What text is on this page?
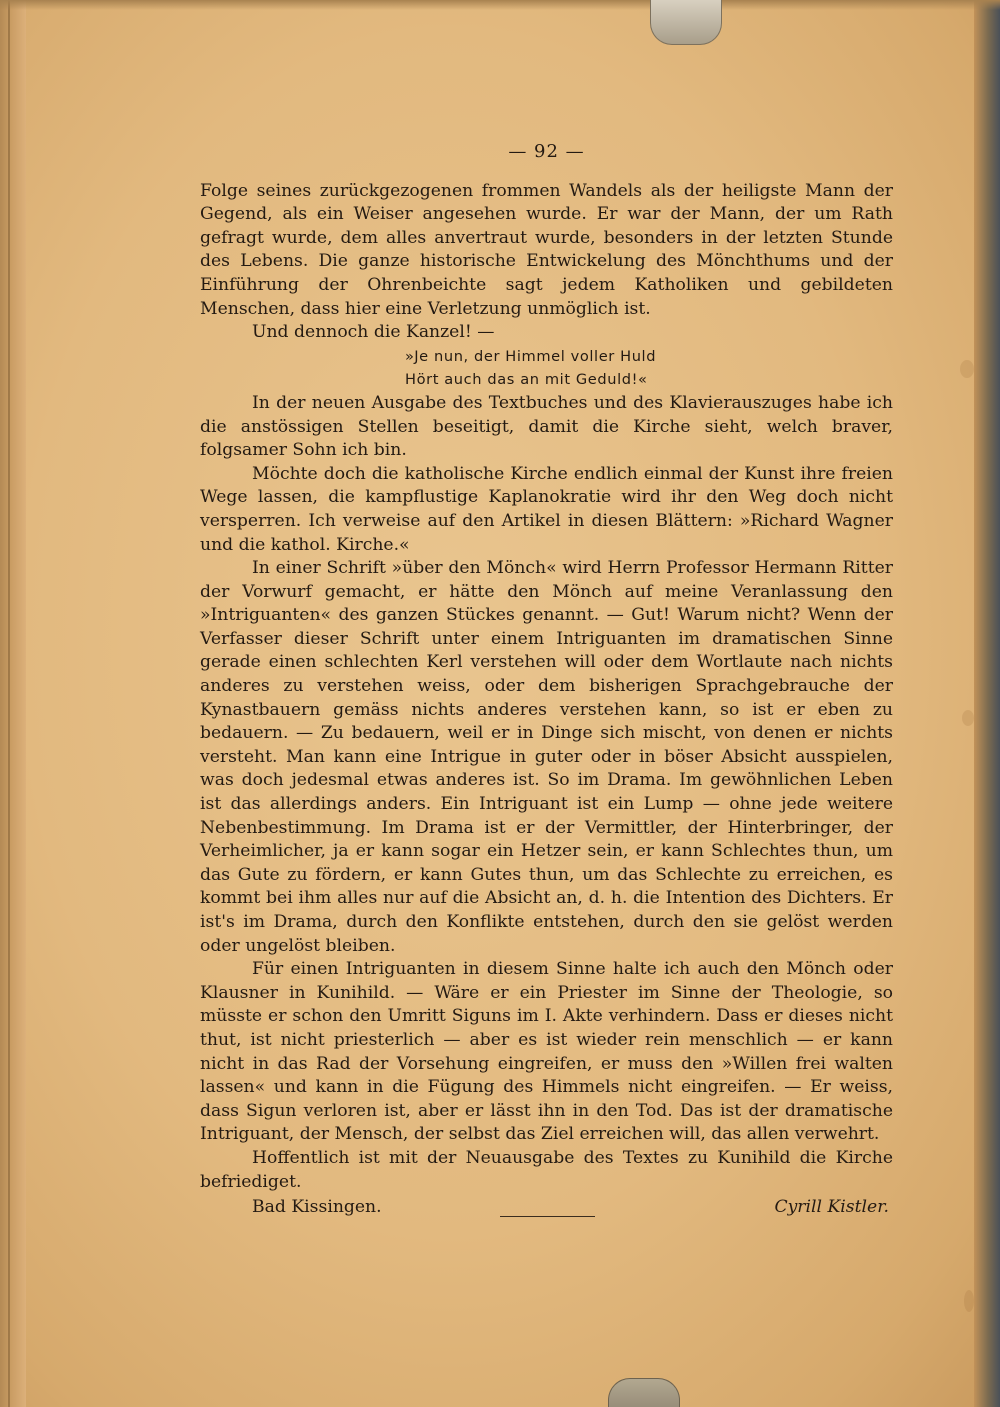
— 92 —

Folge seines zurückgezogenen frommen Wandels als der heiligste Mann der Gegend, als ein Weiser angesehen wurde. Er war der Mann, der um Rath gefragt wurde, dem alles anvertraut wurde, besonders in der letzten Stunde des Lebens. Die ganze historische Entwickelung des Mönchthums und der Einführung der Ohrenbeichte sagt jedem Katholiken und gebildeten Menschen, dass hier eine Verletzung unmöglich ist.

Und dennoch die Kanzel! —

»Je nun, der Himmel voller Huld
Hört auch das an mit Geduld!«

In der neuen Ausgabe des Textbuches und des Klavierauszuges habe ich die anstössigen Stellen beseitigt, damit die Kirche sieht, welch braver, folgsamer Sohn ich bin.

Möchte doch die katholische Kirche endlich einmal der Kunst ihre freien Wege lassen, die kampflustige Kaplanokratie wird ihr den Weg doch nicht versperren. Ich verweise auf den Artikel in diesen Blättern: »Richard Wagner und die kathol. Kirche.«

In einer Schrift »über den Mönch« wird Herrn Professor Hermann Ritter der Vorwurf gemacht, er hätte den Mönch auf meine Veranlassung den »Intriguanten« des ganzen Stückes genannt. — Gut! Warum nicht? Wenn der Verfasser dieser Schrift unter einem Intriguanten im dramatischen Sinne gerade einen schlechten Kerl verstehen will oder dem Wortlaute nach nichts anderes zu verstehen weiss, oder dem bisherigen Sprachgebrauche der Kynastbauern gemäss nichts anderes verstehen kann, so ist er eben zu bedauern. — Zu bedauern, weil er in Dinge sich mischt, von denen er nichts versteht. Man kann eine Intrigue in guter oder in böser Absicht ausspielen, was doch jedesmal etwas anderes ist. So im Drama. Im gewöhnlichen Leben ist das allerdings anders. Ein Intriguant ist ein Lump — ohne jede weitere Nebenbestimmung. Im Drama ist er der Vermittler, der Hinterbringer, der Verheimlicher, ja er kann sogar ein Hetzer sein, er kann Schlechtes thun, um das Gute zu fördern, er kann Gutes thun, um das Schlechte zu erreichen, es kommt bei ihm alles nur auf die Absicht an, d. h. die Intention des Dichters. Er ist's im Drama, durch den Konflikte entstehen, durch den sie gelöst werden oder ungelöst bleiben.

Für einen Intriguanten in diesem Sinne halte ich auch den Mönch oder Klausner in Kunihild. — Wäre er ein Priester im Sinne der Theologie, so müsste er schon den Umritt Siguns im I. Akte verhindern. Dass er dieses nicht thut, ist nicht priesterlich — aber es ist wieder rein menschlich — er kann nicht in das Rad der Vorsehung eingreifen, er muss den »Willen frei walten lassen« und kann in die Fügung des Himmels nicht eingreifen. — Er weiss, dass Sigun verloren ist, aber er lässt ihn in den Tod. Das ist der dramatische Intriguant, der Mensch, der selbst das Ziel erreichen will, das allen verwehrt.

Hoffentlich ist mit der Neuausgabe des Textes zu Kunihild die Kirche befriediget.

Bad Kissingen.	Cyrill Kistler.
